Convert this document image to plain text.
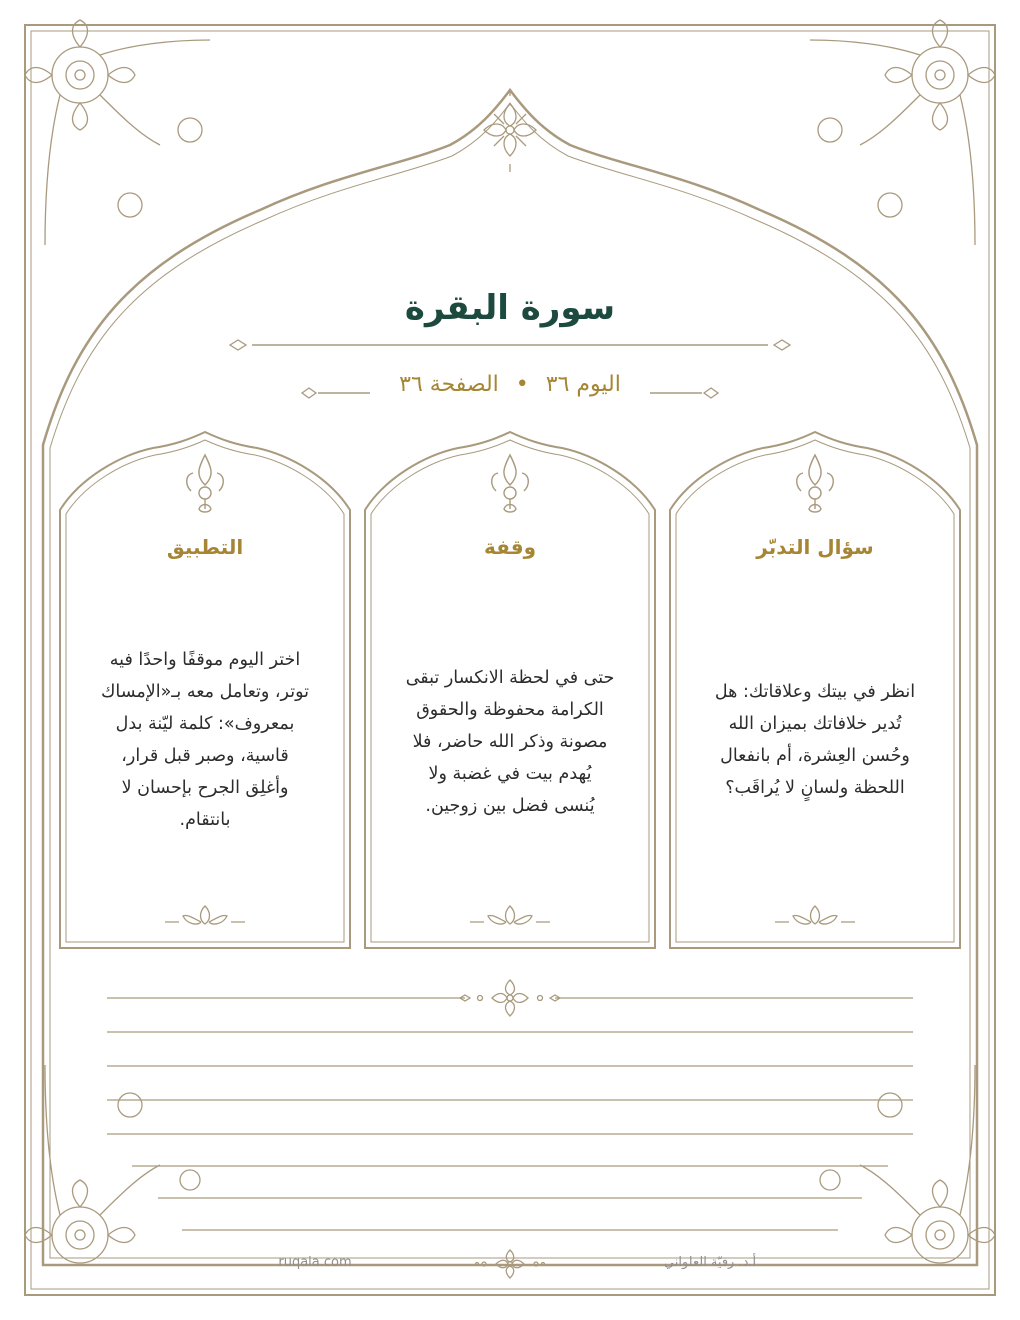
سورة البقرة
اليوم ٣٦ • الصفحة ٣٦
سؤال التدبّر
انظر في بيتك وعلاقاتك: هل
تُدير خلافاتك بميزان الله
وحُسن العِشرة، أم بانفعال
اللحظة ولسانٍ لا يُراقَب؟
وقفة
حتى في لحظة الانكسار تبقى
الكرامة محفوظة والحقوق
مصونة وذكر الله حاضر، فلا
يُهدم بيت في غضبة ولا
يُنسى فضل بين زوجين.
التطبيق
اختر اليوم موقفًا واحدًا فيه
توتر، وتعامل معه بـ«الإمساك
بمعروف»: كلمة ليّنة بدل
قاسية، وصبر قبل قرار،
وأغلِق الجرح بإحسان لا
بانتقام.
ruqaia.com	أ.د. رقيّة العلواني
